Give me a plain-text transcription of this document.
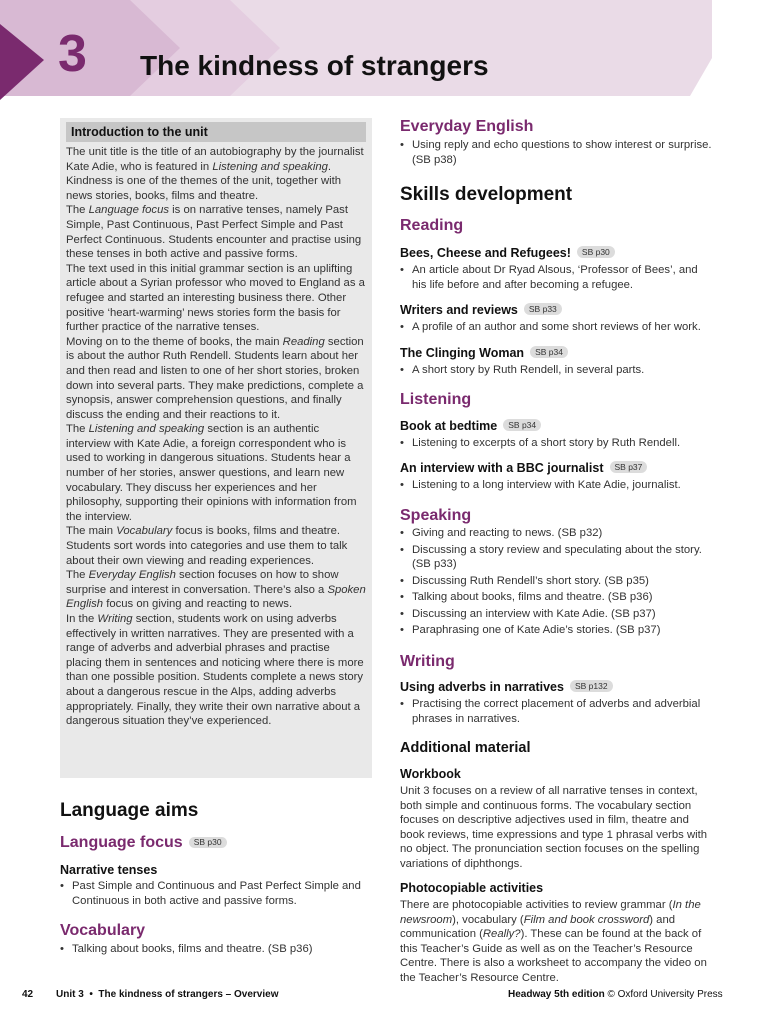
3 The kindness of strangers
Introduction to the unit

The unit title is the title of an autobiography by the journalist Kate Adie, who is featured in Listening and speaking. Kindness is one of the themes of the unit, together with news stories, books, films and theatre.

The Language focus is on narrative tenses, namely Past Simple, Past Continuous, Past Perfect Simple and Past Perfect Continuous. Students encounter and practise using these tenses in both active and passive forms.

The text used in this initial grammar section is an uplifting article about a Syrian professor who moved to England as a refugee and started an interesting business there. Other positive ‘heart-warming’ news stories form the basis for further practice of the narrative tenses.

Moving on to the theme of books, the main Reading section is about the author Ruth Rendell. Students learn about her and then read and listen to one of her short stories, broken down into several parts. They make predictions, complete a synopsis, answer comprehension questions, and finally discuss the ending and their reactions to it.

The Listening and speaking section is an authentic interview with Kate Adie, a foreign correspondent who is used to working in dangerous situations. Students hear a number of her stories, answer questions, and learn new vocabulary. They discuss her experiences and her philosophy, supporting their opinions with information from the interview.

The main Vocabulary focus is books, films and theatre. Students sort words into categories and use them to talk about their own viewing and reading experiences.

The Everyday English section focuses on how to show surprise and interest in conversation. There’s also a Spoken English focus on giving and reacting to news.

In the Writing section, students work on using adverbs effectively in written narratives. They are presented with a range of adverbs and adverbial phrases and practise placing them in sentences and noticing where there is more than one possible position. Students complete a news story about a dangerous rescue in the Alps, adding adverbs appropriately. Finally, they write their own narrative about a dangerous situation they’ve experienced.

Language aims
Language focus SB p30
Narrative tenses
• Past Simple and Continuous and Past Perfect Simple and Continuous in both active and passive forms.
Vocabulary
• Talking about books, films and theatre. (SB p36)
Everyday English
• Using reply and echo questions to show interest or surprise. (SB p38)
Skills development
Reading
Bees, Cheese and Refugees! SB p30
• An article about Dr Ryad Alsous, ‘Professor of Bees’, and his life before and after becoming a refugee.
Writers and reviews SB p33
• A profile of an author and some short reviews of her work.
The Clinging Woman SB p34
• A short story by Ruth Rendell, in several parts.
Listening
Book at bedtime SB p34
• Listening to excerpts of a short story by Ruth Rendell.
An interview with a BBC journalist SB p37
• Listening to a long interview with Kate Adie, journalist.
Speaking
• Giving and reacting to news. (SB p32)
• Discussing a story review and speculating about the story. (SB p33)
• Discussing Ruth Rendell’s short story. (SB p35)
• Talking about books, films and theatre. (SB p36)
• Discussing an interview with Kate Adie. (SB p37)
• Paraphrasing one of Kate Adie’s stories. (SB p37)
Writing
Using adverbs in narratives SB p132
• Practising the correct placement of adverbs and adverbial phrases in narratives.
Additional material
Workbook
Unit 3 focuses on a review of all narrative tenses in context, both simple and continuous forms. The vocabulary section focuses on descriptive adjectives used in film, theatre and book reviews, time expressions and type 1 phrasal verbs with no object. The pronunciation section focuses on the spelling variations of diphthongs.
Photocopiable activities
There are photocopiable activities to review grammar (In the newsroom), vocabulary (Film and book crossword) and communication (Really?). These can be found at the back of this Teacher’s Guide as well as on the Teacher’s Resource Centre. There is also a worksheet to accompany the video on the Teacher’s Resource Centre.
42 Unit 3 • The kindness of strangers – Overview	Headway 5th edition © Oxford University Press
